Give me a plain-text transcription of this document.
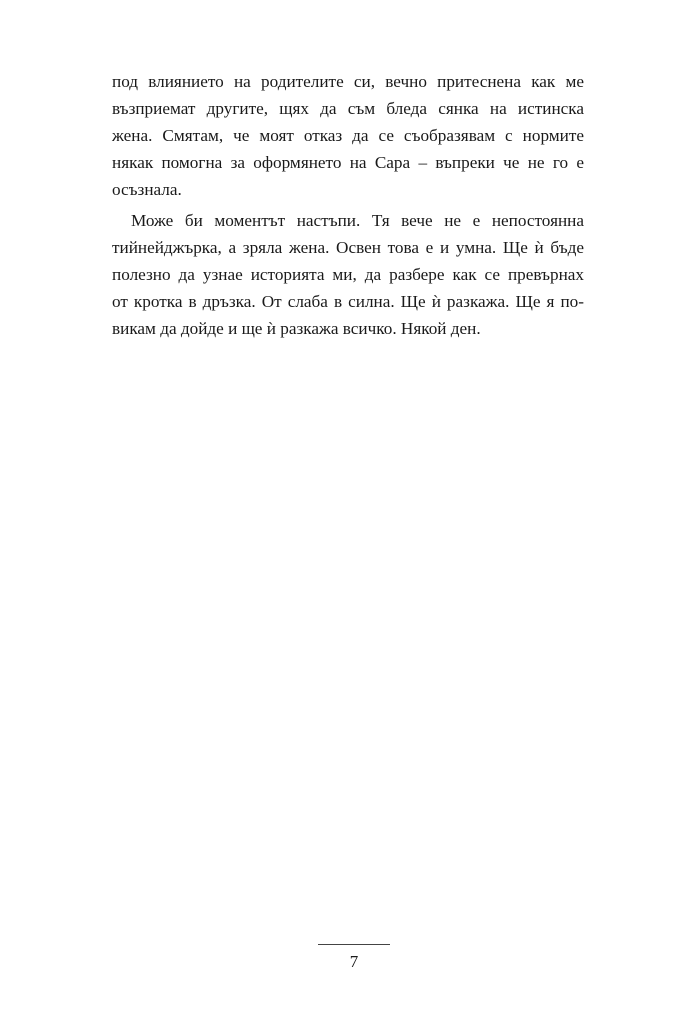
под влиянието на родителите си, вечно притеснена как ме
възприемат другите, щях да съм бледа сянка на истинска
жена. Смятам, че моят отказ да се съобразявам с нормите
някак помогна за оформянето на Сара – въпреки че не го е
осъзнала.
Може би моментът настъпи. Тя вече не е непостоянна
тийнейджърка, а зряла жена. Освен това е и умна. Ще ѝ бъде
полезно да узнае историята ми, да разбере как се превърнах
от кротка в дръзка. От слаба в силна. Ще ѝ разкажа. Ще я по-
викам да дойде и ще ѝ разкажа всичко. Някой ден.
7
